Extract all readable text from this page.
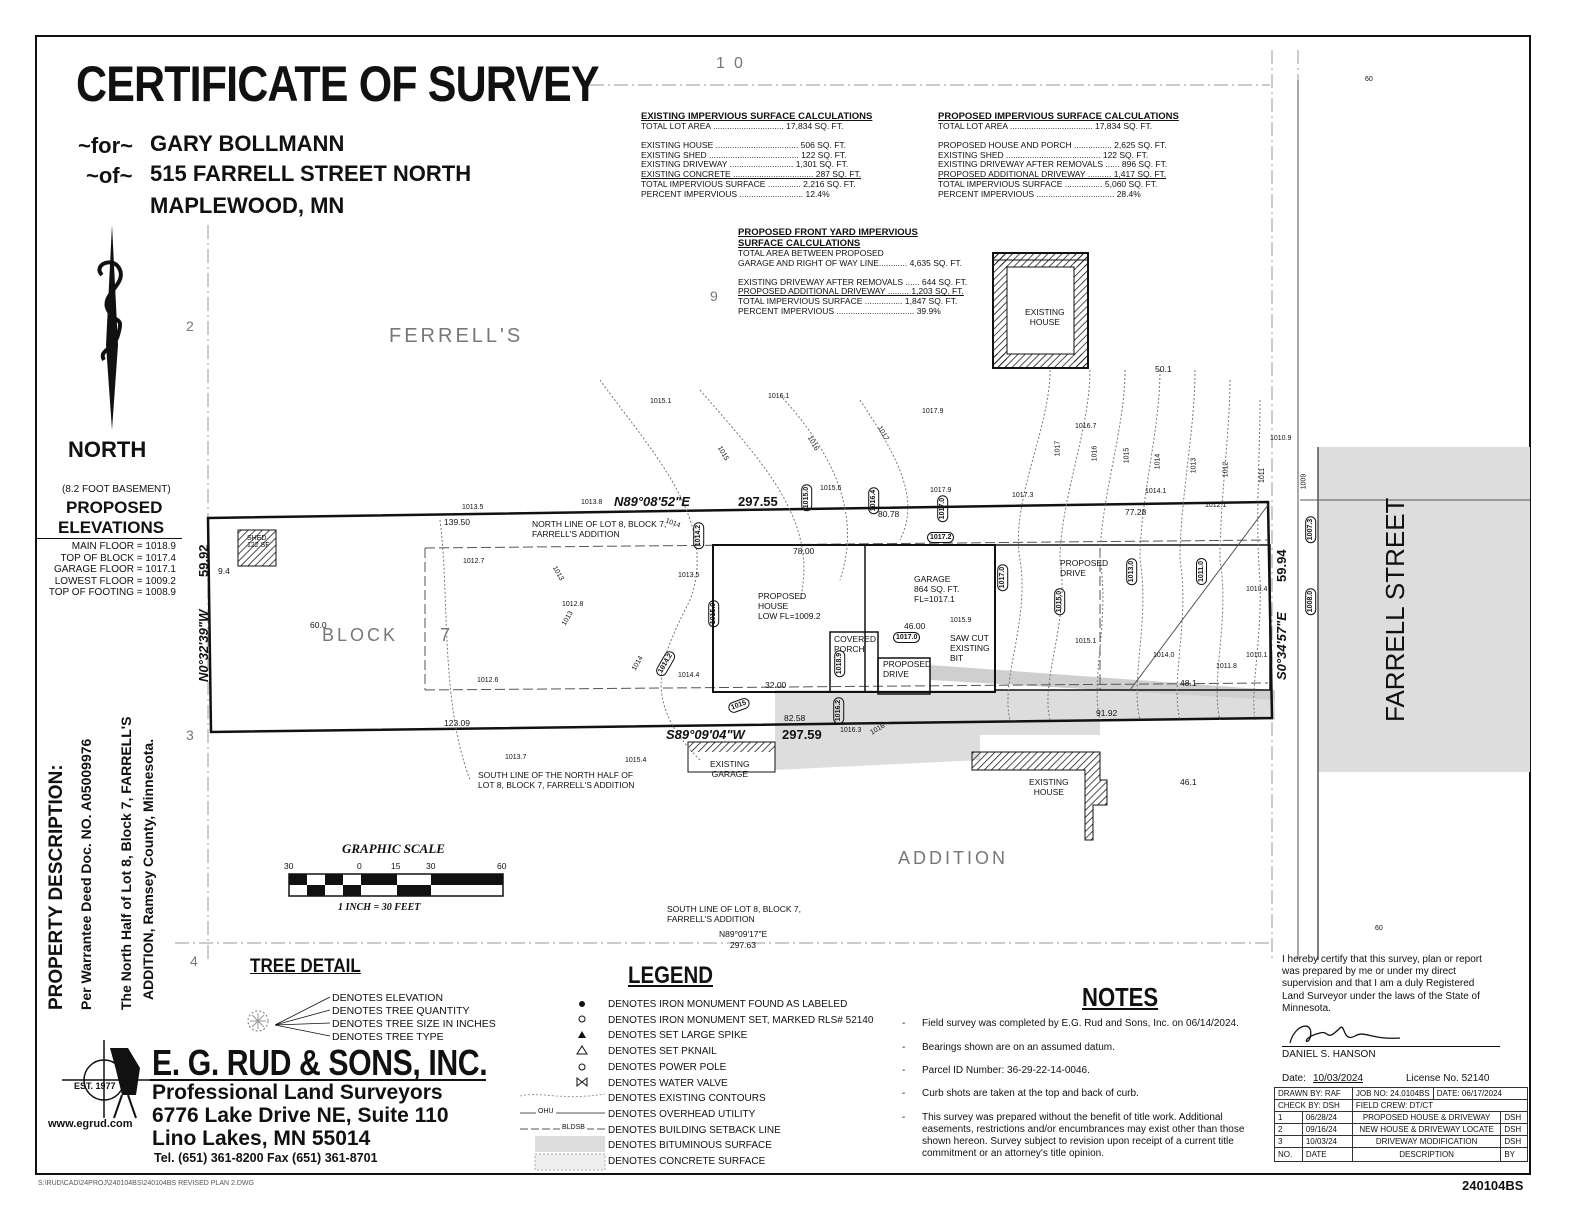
CERTIFICATE OF SURVEY
~for~ GARY BOLLMANN
~of~ 515 FARRELL STREET NORTH
MAPLEWOOD, MN
NORTH
(8.2 FOOT BASEMENT)
PROPOSED
ELEVATIONS
MAIN FLOOR = 1018.9
TOP OF BLOCK = 1017.4
GARAGE FLOOR = 1017.1
LOWEST FLOOR = 1009.2
TOP OF FOOTING = 1008.9
PROPERTY DESCRIPTION: Per Warrantee Deed Doc. NO. A05009976 The North Half of Lot 8, Block 7, FARRELL'S ADDITION, Ramsey County, Minnesota.
EXISTING IMPERVIOUS SURFACE CALCULATIONS
TOTAL LOT AREA .............................. 17,834 SQ. FT.
EXISTING HOUSE ................................... 506 SQ. FT.
EXISTING SHED ...................................... 122 SQ. FT.
EXISTING DRIVEWAY ........................... 1,301 SQ. FT.
EXISTING CONCRETE .................................. 287 SQ. FT.
TOTAL IMPERVIOUS SURFACE .............. 2,216 SQ. FT.
PERCENT IMPERVIOUS ........................... 12.4%
PROPOSED IMPERVIOUS SURFACE CALCULATIONS
TOTAL LOT AREA ................................... 17,834 SQ. FT.
PROPOSED HOUSE AND PORCH ................ 2,625 SQ. FT.
EXISTING SHED ........................................ 122 SQ. FT.
EXISTING DRIVEWAY AFTER REMOVALS ...... 896 SQ. FT.
PROPOSED ADDITIONAL DRIVEWAY .......... 1,417 SQ. FT.
TOTAL IMPERVIOUS SURFACE ................ 5,060 SQ. FT.
PERCENT IMPERVIOUS ................................. 28.4%
PROPOSED FRONT YARD IMPERVIOUS
SURFACE CALCULATIONS
TOTAL AREA BETWEEN PROPOSED
GARAGE AND RIGHT OF WAY LINE............ 4,635 SQ. FT.
EXISTING DRIVEWAY AFTER REMOVALS ...... 644 SQ. FT.
PROPOSED ADDITIONAL DRIVEWAY ......... 1,203 SQ. FT.
TOTAL IMPERVIOUS SURFACE ................ 1,847 SQ. FT.
PERCENT IMPERVIOUS ................................. 39.9%
FERRELL'S
BLOCK 7
ADDITION
FARRELL STREET
EXISTING
HOUSE
EXISTING
GARAGE
EXISTING
HOUSE
PROPOSED
HOUSE
LOW FL=1009.2
GARAGE
864 SQ. FT.
FL=1017.1
PROPOSED
DRIVE
PROPOSED
DRIVE
COVERED
PORCH
SAW CUT
EXISTING
BIT
SHED
122 SF
NORTH LINE OF LOT 8, BLOCK 7,
FARRELL'S ADDITION
SOUTH LINE OF THE NORTH HALF OF
LOT 8, BLOCK 7, FARRELL'S ADDITION
SOUTH LINE OF LOT 8, BLOCK 7,
FARRELL'S ADDITION
N89°08'52"E	297.55
S89°09'04"W	297.59
N0°32'39"W
59.92
S0°34'57"E
59.94
N89°09'17"E
297.63
139.50
80.78	77.28
78.00
60.0
123.09
91.92
82.58
46.00
32.00
50.1
46.1
9.4
48.1
1 0
2
9
60
60
3
4
1015.0	1016.4	1017.0
1014.2
1015.0
1014.2
1017.2
1017.0
1015.0
1013.0	1011.0
1007.3
1008.0
1018.9
1017.0
1016.2
1015
1013.5
1013.8
1015.1
1016.1
1015.6
1017.9
1017.9
1017.3
1014.1
1012.1
1016.7
1010.9
1012.7
1013.5
1012.8
1012.6
1013.7
1014.4
1015.9
1015.1
1014.0
1011.8
1010.1
1010.4
1015.4
1016.3
1013
1013
1014
1014
1015
1016
1017
1017	1016	1015	1014	1013	1012	1011	1009
1016
GRAPHIC SCALE
30	0	15	30	60
1 INCH = 30 FEET
TREE DETAIL
DENOTES ELEVATION
DENOTES TREE QUANTITY
DENOTES TREE SIZE IN INCHES
DENOTES TREE TYPE
EST. 1977
E. G. RUD & SONS, INC.
Professional Land Surveyors
6776 Lake Drive NE, Suite 110
Lino Lakes, MN 55014
Tel. (651) 361-8200 Fax (651) 361-8701
www.egrud.com
LEGEND
OHU
BLDSB
DENOTES IRON MONUMENT FOUND AS LABELED
DENOTES IRON MONUMENT SET, MARKED RLS# 52140
DENOTES SET LARGE SPIKE
DENOTES SET PKNAIL
DENOTES POWER POLE
DENOTES WATER VALVE
DENOTES EXISTING CONTOURS
DENOTES OVERHEAD UTILITY
DENOTES BUILDING SETBACK LINE
DENOTES BITUMINOUS SURFACE
DENOTES CONCRETE SURFACE
NOTES
-	Field survey was completed by E.G. Rud and Sons, Inc. on 06/14/2024.
-	Bearings shown are on an assumed datum.
-	Parcel ID Number: 36-29-22-14-0046.
-	Curb shots are taken at the top and back of curb.
-	This survey was prepared without the benefit of title work. Additional easements, restrictions and/or encumbrances may exist other than those shown hereon. Survey subject to revision upon receipt of a current title commitment or an attorney's title opinion.
I hereby certify that this survey, plan or report was prepared by me or under my direct supervision and that I am a duly Registered Land Surveyor under the laws of the State of Minnesota.
DANIEL S. HANSON
Date: 10/03/2024	License No. 52140
DRAWN BY: RAF		JOB NO: 24.0104BS	DATE: 06/17/2024	
CHECK BY: DSH		FIELD CREW: DT/CT		
1	06/28/24	PROPOSED HOUSE & DRIVEWAY		DSH
2	09/16/24	NEW HOUSE & DRIVEWAY LOCATE		DSH
3	10/03/24	DRIVEWAY MODIFICATION		DSH
NO.	DATE	DESCRIPTION		BY
S:\RUD\CAD\24PROJ\240104BS\240104BS REVISED PLAN 2.DWG	240104BS
